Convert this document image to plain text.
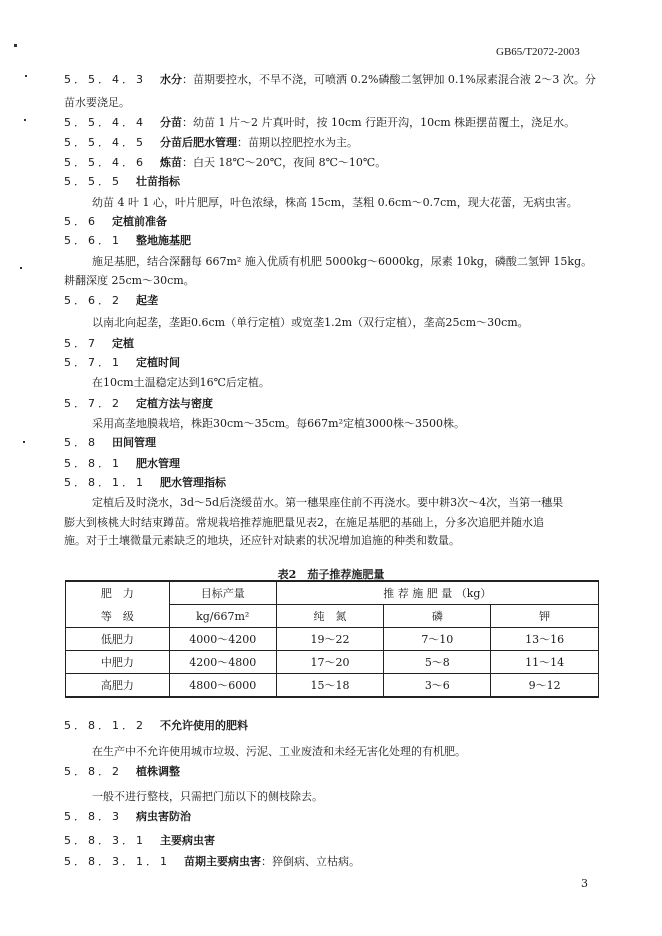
GB65/T2072-2003
表2　茄子推荐施肥量
肥　力	目标产量	推 荐 施 肥 量 （kg）		
等　级	kg/667m²	纯　氮	磷	钾
低肥力	4000～4200	19～22	7～10	13～16
中肥力	4200～4800	17～20	5～8	11～14
高肥力	4800～6000	15～18	3～6	9～12
3
5．5．4．3 水分：苗期要控水，不旱不浇，可喷洒 0.2%磷酸二氢钾加 0.1%尿素混合液 2～3 次。分
苗水要浇足。
5．5．4．4 分苗：幼苗 1 片～2 片真叶时，按 10cm 行距开沟，10cm 株距摆苗覆土，浇足水。
5．5．4．5 分苗后肥水管理：苗期以控肥控水为主。
5．5．4．6 炼苗：白天 18℃～20℃，夜间 8℃～10℃。
5．5．5 壮苗指标
幼苗 4 叶 1 心，叶片肥厚，叶色浓绿，株高 15cm，茎粗 0.6cm～0.7cm，现大花蕾，无病虫害。
5．6 定植前准备
5．6．1 整地施基肥
施足基肥，结合深翻每 667m² 施入优质有机肥 5000kg～6000kg，尿素 10kg，磷酸二氢钾 15kg。
耕翻深度 25cm～30cm。
5．6．2 起垄
以南北向起垄，垄距0.6cm（单行定植）或宽垄1.2m（双行定植），垄高25cm～30cm。
5．7 定植
5．7．1 定植时间
在10cm土温稳定达到16℃后定植。
5．7．2 定植方法与密度
采用高垄地膜栽培，株距30cm～35cm。每667m²定植3000株～3500株。
5．8 田间管理
5．8．1 肥水管理
5．8．1．1 肥水管理指标
定植后及时浇水，3d～5d后浇缓苗水。第一穗果座住前不再浇水。要中耕3次～4次，当第一穗果
膨大到核桃大时结束蹲苗。常规栽培推荐施肥量见表2，在施足基肥的基础上，分多次追肥并随水追
施。对于土壤微量元素缺乏的地块，还应针对缺素的状况增加追施的种类和数量。
5．8．1．2 不允许使用的肥料
在生产中不允许使用城市垃圾、污泥、工业废渣和未经无害化处理的有机肥。
5．8．2 植株调整
一般不进行整枝，只需把门茄以下的侧枝除去。
5．8．3 病虫害防治
5．8．3．1 主要病虫害
5．8．3．1．1 苗期主要病虫害：猝倒病、立枯病。
